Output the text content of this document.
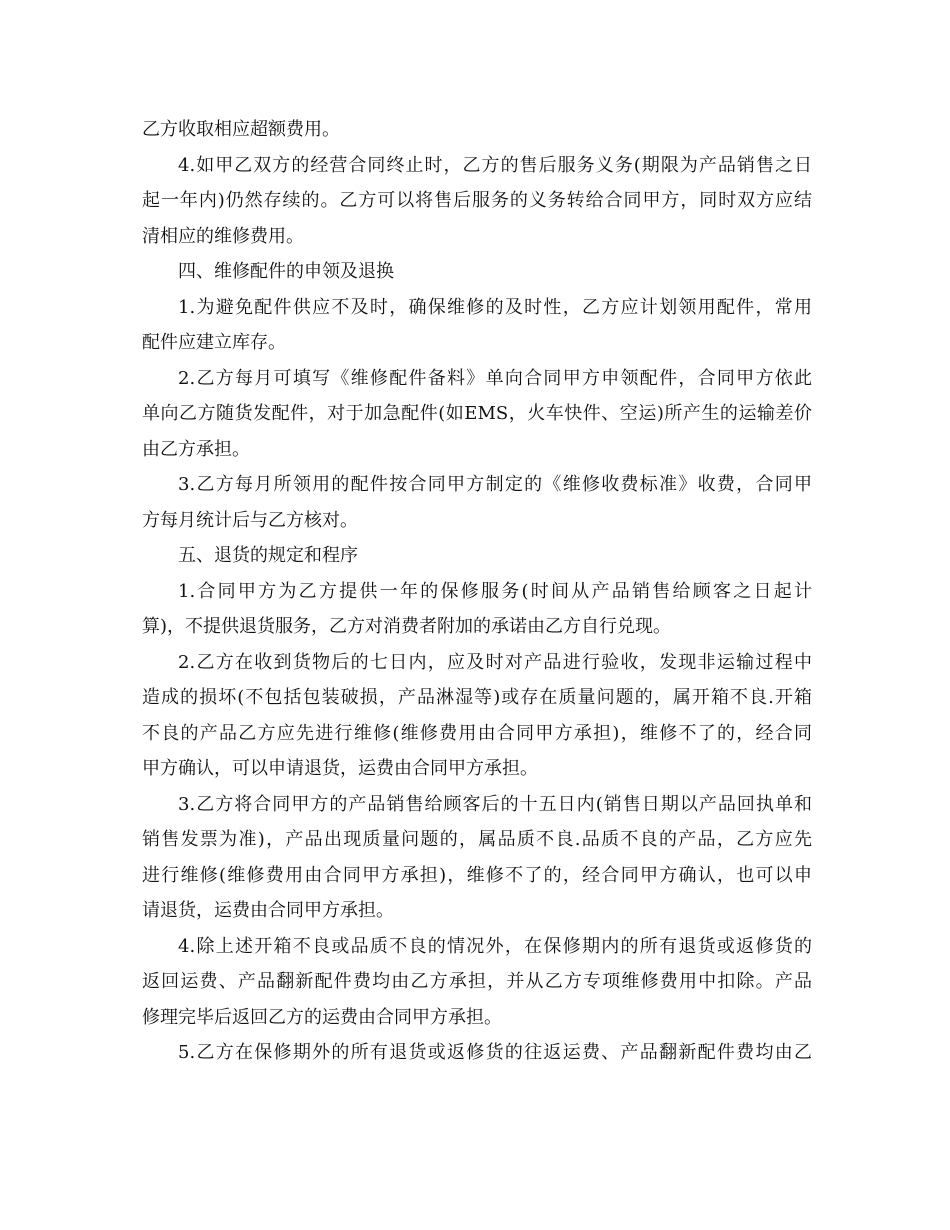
乙方收取相应超额费用。
4.如甲乙双方的经营合同终止时，乙方的售后服务义务(期限为产品销售之日
起一年内)仍然存续的。乙方可以将售后服务的义务转给合同甲方，同时双方应结
清相应的维修费用。
四、维修配件的申领及退换
1.为避免配件供应不及时，确保维修的及时性，乙方应计划领用配件，常用
配件应建立库存。
2.乙方每月可填写《维修配件备料》单向合同甲方申领配件，合同甲方依此
单向乙方随货发配件，对于加急配件(如EMS，火车快件、空运)所产生的运输差价
由乙方承担。
3.乙方每月所领用的配件按合同甲方制定的《维修收费标准》收费，合同甲
方每月统计后与乙方核对。
五、退货的规定和程序
1.合同甲方为乙方提供一年的保修服务(时间从产品销售给顾客之日起计
算)，不提供退货服务，乙方对消费者附加的承诺由乙方自行兑现。
2.乙方在收到货物后的七日内，应及时对产品进行验收，发现非运输过程中
造成的损坏(不包括包装破损，产品淋湿等)或存在质量问题的，属开箱不良.开箱
不良的产品乙方应先进行维修(维修费用由合同甲方承担)，维修不了的，经合同
甲方确认，可以申请退货，运费由合同甲方承担。
3.乙方将合同甲方的产品销售给顾客后的十五日内(销售日期以产品回执单和
销售发票为准)，产品出现质量问题的，属品质不良.品质不良的产品，乙方应先
进行维修(维修费用由合同甲方承担)，维修不了的，经合同甲方确认，也可以申
请退货，运费由合同甲方承担。
4.除上述开箱不良或品质不良的情况外，在保修期内的所有退货或返修货的
返回运费、产品翻新配件费均由乙方承担，并从乙方专项维修费用中扣除。产品
修理完毕后返回乙方的运费由合同甲方承担。
5.乙方在保修期外的所有退货或返修货的往返运费、产品翻新配件费均由乙
